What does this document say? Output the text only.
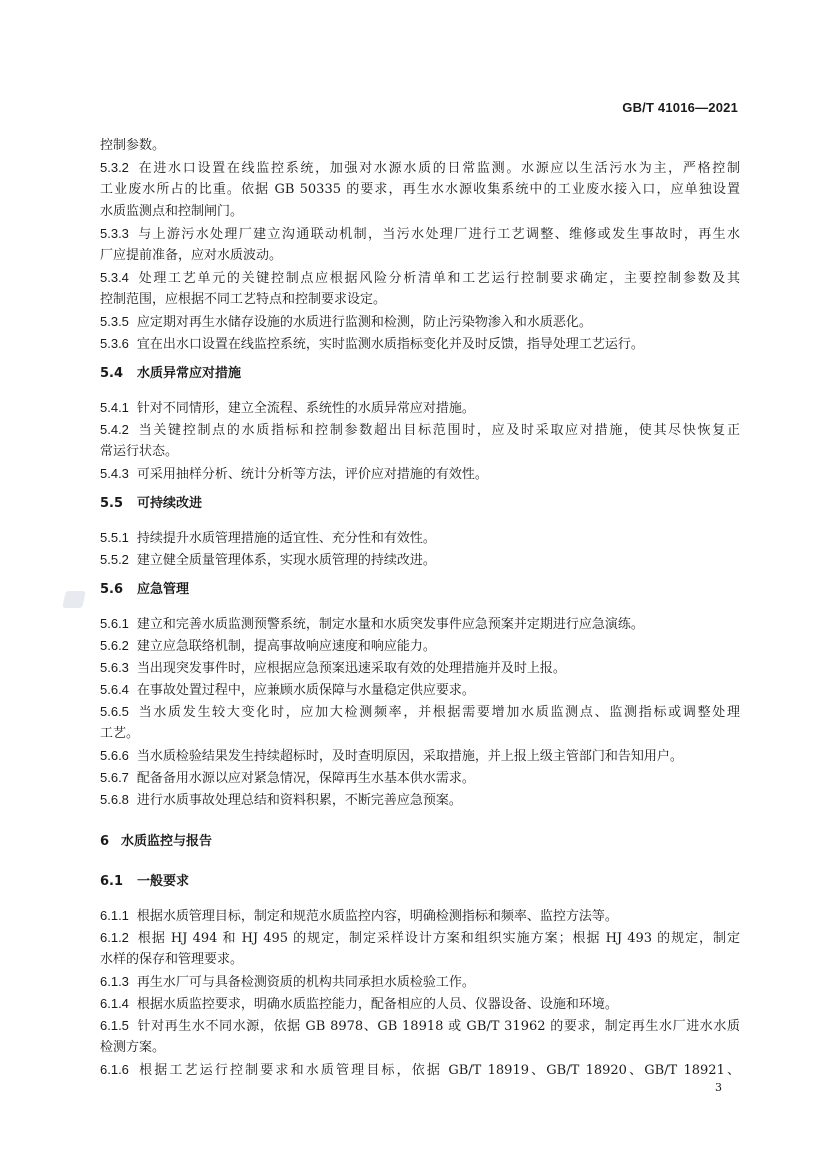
GB/T 41016—2021
控制参数。
5.3.2 在进水口设置在线监控系统，加强对水源水质的日常监测。水源应以生活污水为主，严格控制
工业废水所占的比重。依据 GB 50335 的要求，再生水水源收集系统中的工业废水接入口，应单独设置
水质监测点和控制闸门。
5.3.3 与上游污水处理厂建立沟通联动机制，当污水处理厂进行工艺调整、维修或发生事故时，再生水
厂应提前准备，应对水质波动。
5.3.4 处理工艺单元的关键控制点应根据风险分析清单和工艺运行控制要求确定，主要控制参数及其
控制范围，应根据不同工艺特点和控制要求设定。
5.3.5 应定期对再生水储存设施的水质进行监测和检测，防止污染物渗入和水质恶化。
5.3.6 宜在出水口设置在线监控系统，实时监测水质指标变化并及时反馈，指导处理工艺运行。
5.4 水质异常应对措施
5.4.1 针对不同情形，建立全流程、系统性的水质异常应对措施。
5.4.2 当关键控制点的水质指标和控制参数超出目标范围时，应及时采取应对措施，使其尽快恢复正
常运行状态。
5.4.3 可采用抽样分析、统计分析等方法，评价应对措施的有效性。
5.5 可持续改进
5.5.1 持续提升水质管理措施的适宜性、充分性和有效性。
5.5.2 建立健全质量管理体系，实现水质管理的持续改进。
5.6 应急管理
5.6.1 建立和完善水质监测预警系统，制定水量和水质突发事件应急预案并定期进行应急演练。
5.6.2 建立应急联络机制，提高事故响应速度和响应能力。
5.6.3 当出现突发事件时，应根据应急预案迅速采取有效的处理措施并及时上报。
5.6.4 在事故处置过程中，应兼顾水质保障与水量稳定供应要求。
5.6.5 当水质发生较大变化时，应加大检测频率，并根据需要增加水质监测点、监测指标或调整处理
工艺。
5.6.6 当水质检验结果发生持续超标时，及时查明原因，采取措施，并上报上级主管部门和告知用户。
5.6.7 配备备用水源以应对紧急情况，保障再生水基本供水需求。
5.6.8 进行水质事故处理总结和资料积累，不断完善应急预案。
6 水质监控与报告
6.1 一般要求
6.1.1 根据水质管理目标，制定和规范水质监控内容，明确检测指标和频率、监控方法等。
6.1.2 根据 HJ 494 和 HJ 495 的规定，制定采样设计方案和组织实施方案；根据 HJ 493 的规定，制定
水样的保存和管理要求。
6.1.3 再生水厂可与具备检测资质的机构共同承担水质检验工作。
6.1.4 根据水质监控要求，明确水质监控能力，配备相应的人员、仪器设备、设施和环境。
6.1.5 针对再生水不同水源，依据 GB 8978、GB 18918 或 GB/T 31962 的要求，制定再生水厂进水水质
检测方案。
6.1.6 根据工艺运行控制要求和水质管理目标，依据 GB/T 18919、GB/T 18920、GB/T 18921、
3
